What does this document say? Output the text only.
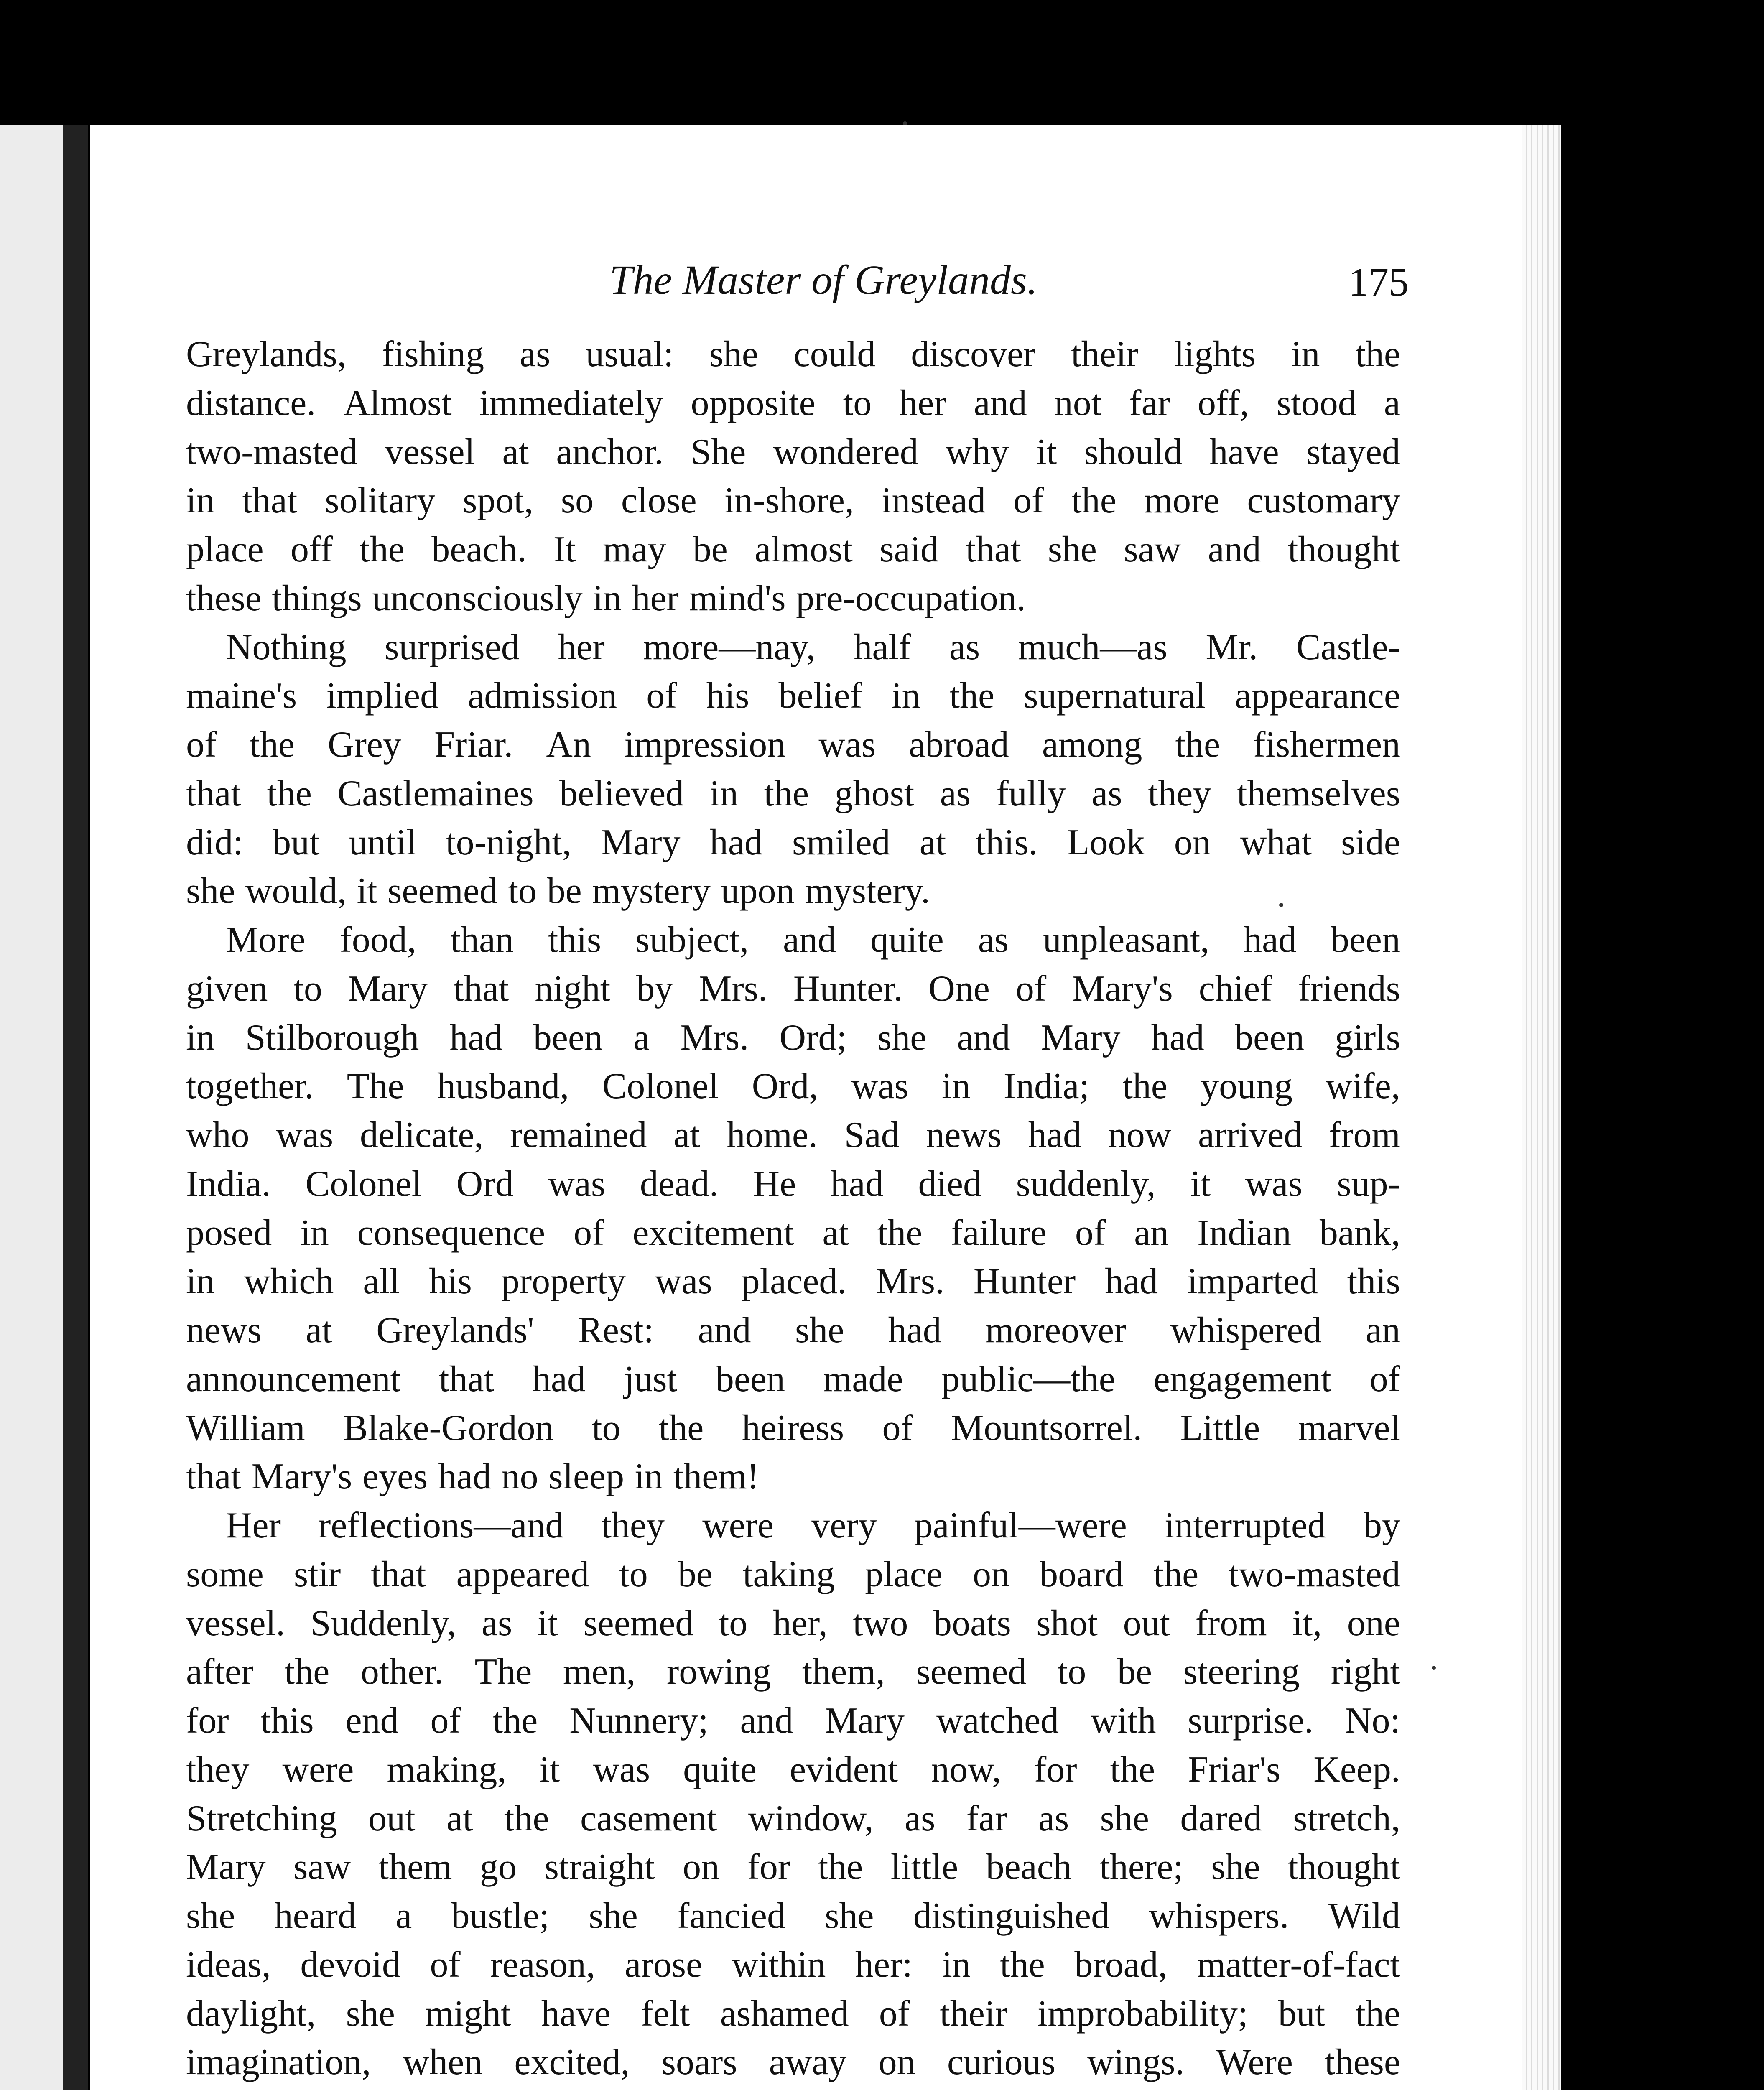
The Master of Greylands.	175
Greylands, fishing as usual: she could discover their lights in the
distance. Almost immediately opposite to her and not far off, stood a
two-masted vessel at anchor. She wondered why it should have stayed
in that solitary spot, so close in-shore, instead of the more customary
place off the beach. It may be almost said that she saw and thought
these things unconsciously in her mind's pre-occupation.
Nothing surprised her more—nay, half as much—as Mr. Castle-
maine's implied admission of his belief in the supernatural appearance
of the Grey Friar. An impression was abroad among the fishermen
that the Castlemaines believed in the ghost as fully as they themselves
did: but until to-night, Mary had smiled at this. Look on what side
she would, it seemed to be mystery upon mystery.
More food, than this subject, and quite as unpleasant, had been
given to Mary that night by Mrs. Hunter. One of Mary's chief friends
in Stilborough had been a Mrs. Ord; she and Mary had been girls
together. The husband, Colonel Ord, was in India; the young wife,
who was delicate, remained at home. Sad news had now arrived from
India. Colonel Ord was dead. He had died suddenly, it was sup-
posed in consequence of excitement at the failure of an Indian bank,
in which all his property was placed. Mrs. Hunter had imparted this
news at Greylands' Rest: and she had moreover whispered an
announcement that had just been made public—the engagement of
William Blake-Gordon to the heiress of Mountsorrel. Little marvel
that Mary's eyes had no sleep in them!
Her reflections—and they were very painful—were interrupted by
some stir that appeared to be taking place on board the two-masted
vessel. Suddenly, as it seemed to her, two boats shot out from it, one
after the other. The men, rowing them, seemed to be steering right
for this end of the Nunnery; and Mary watched with surprise. No:
they were making, it was quite evident now, for the Friar's Keep.
Stretching out at the casement window, as far as she dared stretch,
Mary saw them go straight on for the little beach there; she thought
she heard a bustle; she fancied she distinguished whispers. Wild
ideas, devoid of reason, arose within her: in the broad, matter-of-fact
daylight, she might have felt ashamed of their improbability; but the
imagination, when excited, soars away on curious wings. Were these
